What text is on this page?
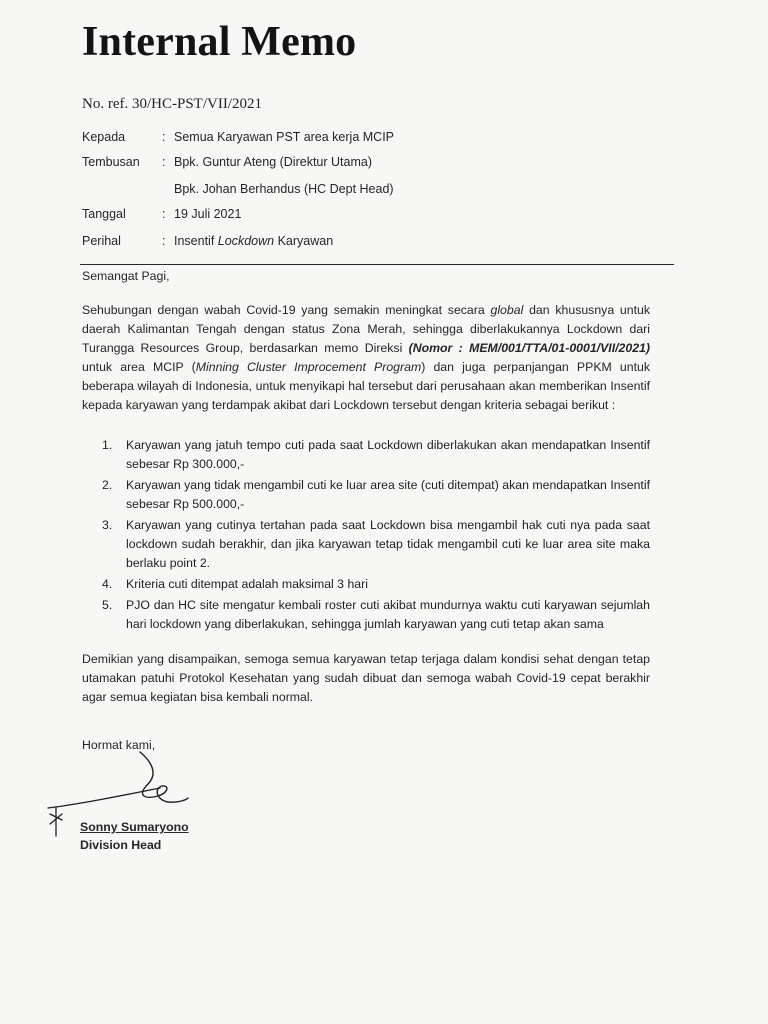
Internal Memo
No. ref. 30/HC-PST/VII/2021
Kepada	: Semua Karyawan PST area kerja MCIP
Tembusan : Bpk. Guntur Ateng (Direktur Utama)
Bpk. Johan Berhandus (HC Dept Head)
Tanggal	: 19 Juli 2021
Perihal	: Insentif Lockdown Karyawan
Semangat Pagi,
Sehubungan dengan wabah Covid-19 yang semakin meningkat secara global dan khususnya untuk daerah Kalimantan Tengah dengan status Zona Merah, sehingga diberlakukannya Lockdown dari Turangga Resources Group, berdasarkan memo Direksi (Nomor : MEM/001/TTA/01-0001/VII/2021) untuk area MCIP (Minning Cluster Improcement Program) dan juga perpanjangan PPKM untuk beberapa wilayah di Indonesia, untuk menyikapi hal tersebut dari perusahaan akan memberikan Insentif kepada karyawan yang terdampak akibat dari Lockdown tersebut dengan kriteria sebagai berikut :
1. Karyawan yang jatuh tempo cuti pada saat Lockdown diberlakukan akan mendapatkan Insentif sebesar Rp 300.000,-
2. Karyawan yang tidak mengambil cuti ke luar area site (cuti ditempat) akan mendapatkan Insentif sebesar Rp 500.000,-
3. Karyawan yang cutinya tertahan pada saat Lockdown bisa mengambil hak cuti nya pada saat lockdown sudah berakhir, dan jika karyawan tetap tidak mengambil cuti ke luar area site maka berlaku point 2.
4. Kriteria cuti ditempat adalah maksimal 3 hari
5. PJO dan HC site mengatur kembali roster cuti akibat mundurnya waktu cuti karyawan sejumlah hari lockdown yang diberlakukan, sehingga jumlah karyawan yang cuti tetap akan sama
Demikian yang disampaikan, semoga semua karyawan tetap terjaga dalam kondisi sehat dengan tetap utamakan patuhi Protokol Kesehatan yang sudah dibuat dan semoga wabah Covid-19 cepat berakhir agar semua kegiatan bisa kembali normal.
Hormat kami,
Sonny Sumaryono
Division Head
